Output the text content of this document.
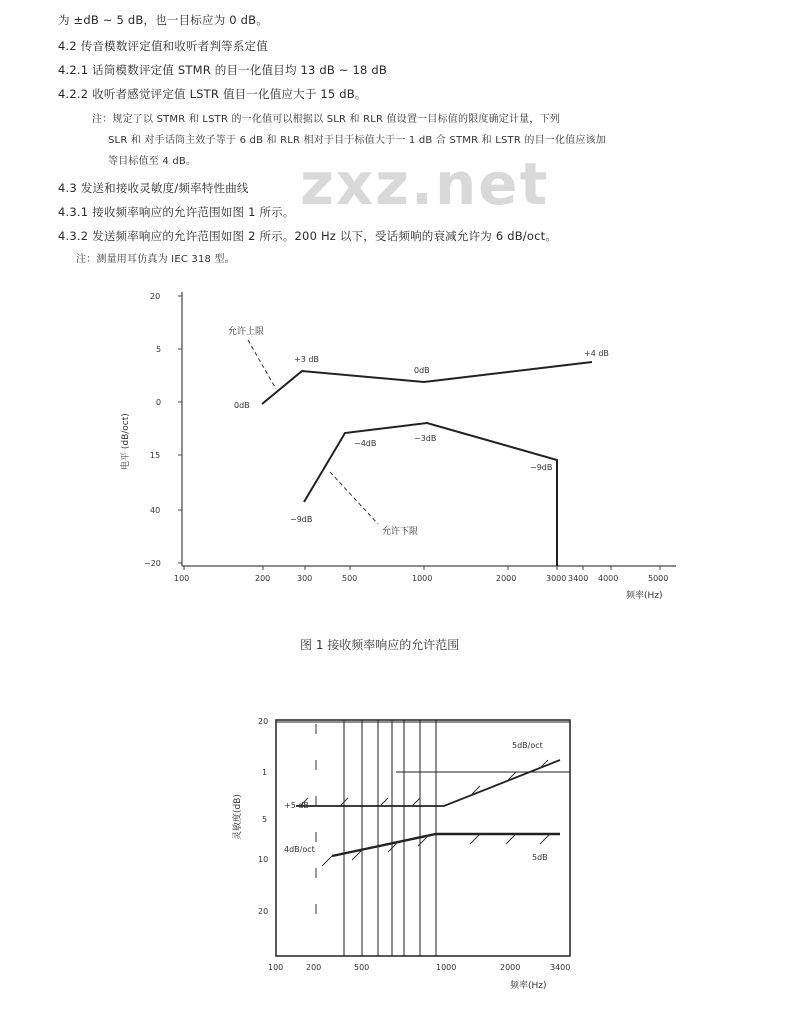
为 ±dB ~ 5 dB，也一目标应为 0 dB。
4.2 传音模数评定值和收听者判等系定值
4.2.1 话筒模数评定值 STMR 的目一化值目均 13 dB ~ 18 dB
4.2.2 收听者感觉评定值 LSTR 值目一化值应大于 15 dB。
注：规定了以 STMR 和 LSTR 的一化值可以根据以 SLR 和 RLR 值设置一目标值的限度确定计量，下列
SLR 和 对手话筒主效子等于 6 dB 和 RLR 相对于目于标值大于一 1 dB 合 STMR 和 LSTR 的目一化值应该加
等目标值至 4 dB。
4.3 发送和接收灵敏度/频率特性曲线
4.3.1 接收频率响应的允许范围如图 1 所示。
4.3.2 发送频率响应的允许范围如图 2 所示。200 Hz 以下，受话频响的衰减允许为 6 dB/oct。
注：测量用耳仿真为 IEC 318 型。
zxz.net
20
5
0
15
40
−20
电平 (dB/oct)
100	200	300	500	1000	2000	3000 3400 4000	5000
频率(Hz)
允许上限
允许下限
0dB
+3 dB
0dB
+4 dB
−9dB
−4dB
−3dB
−9dB
20
1
5
10
20
灵敏度(dB)
100	200	500	1000	2000	3400
频率(Hz)
+5 dB
5dB/oct
4dB/oct
5dB
图 1 接收频率响应的允许范围
